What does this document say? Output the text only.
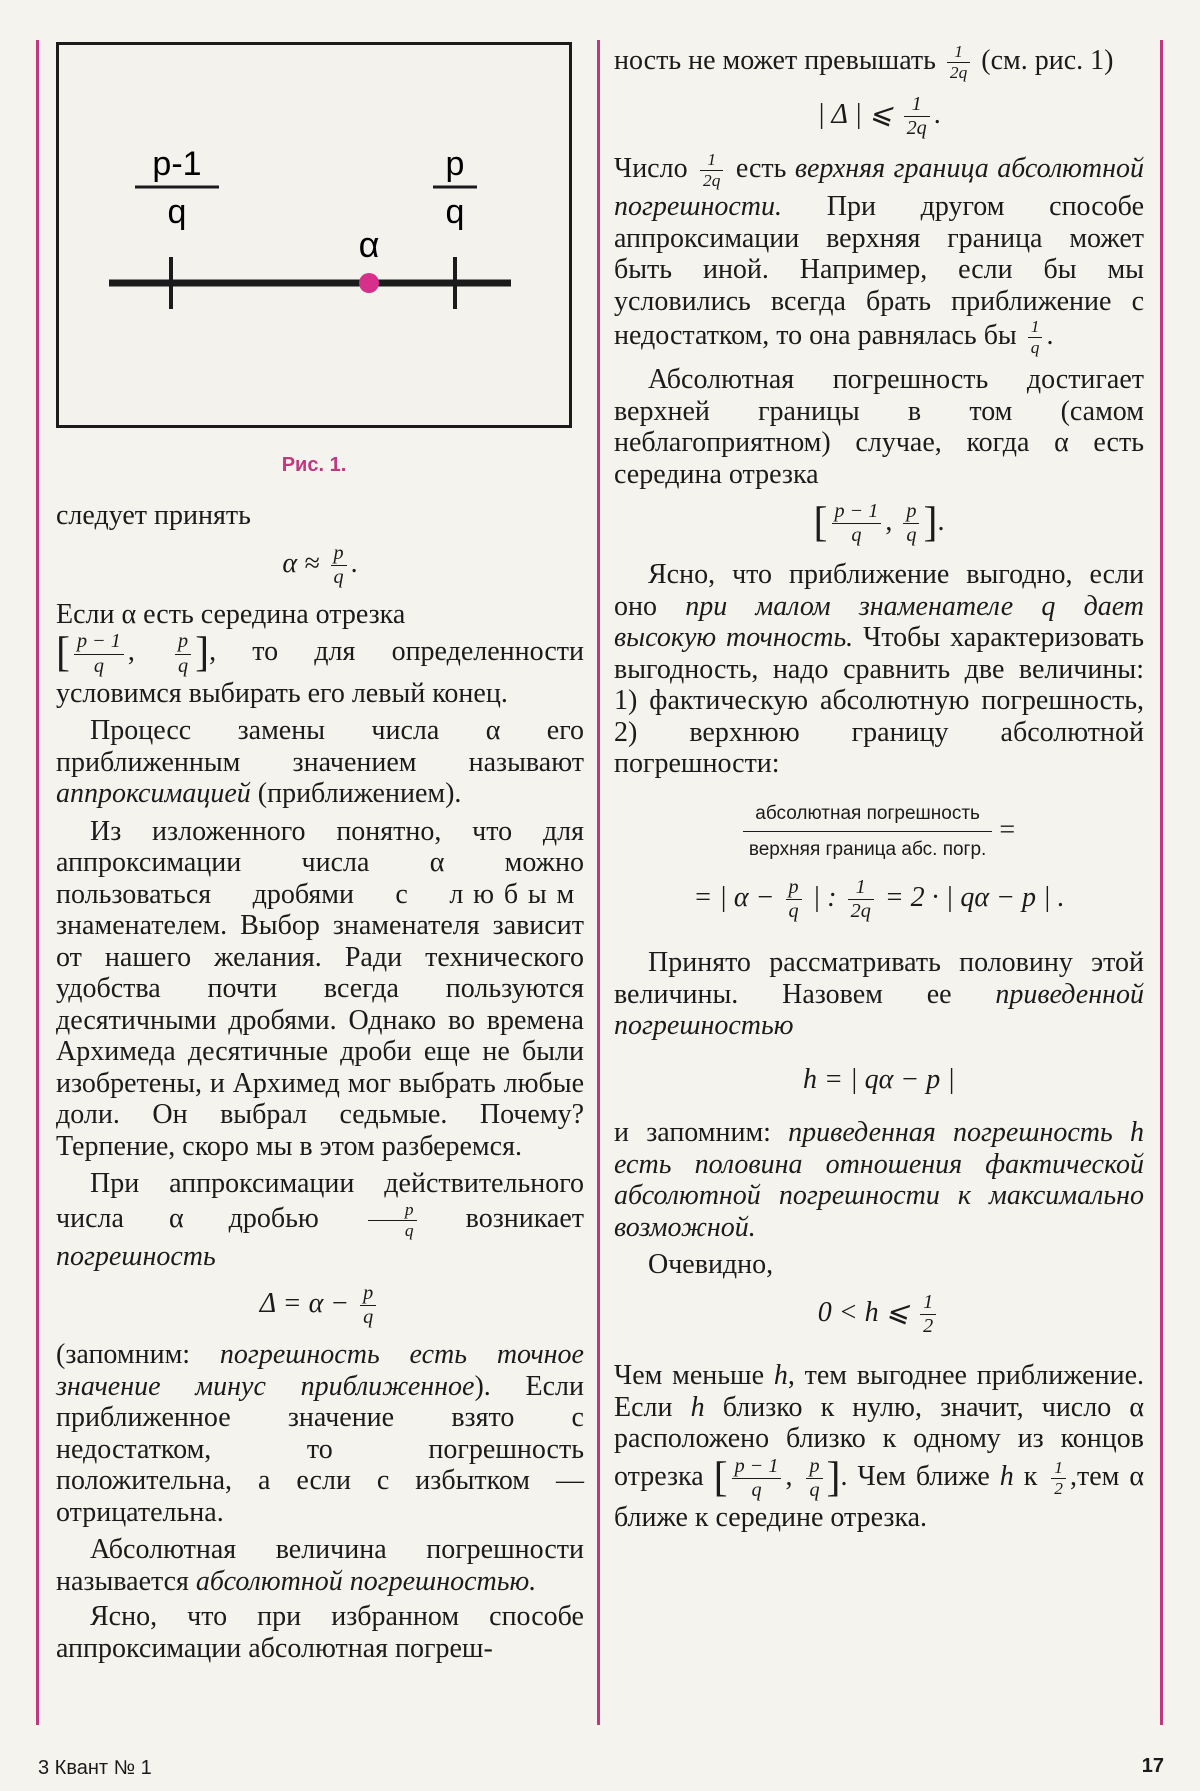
p-1
q
p
q
α
Рис. 1.

следует принять

$\alpha \approx \frac{p}{q}$ .

Если α есть середина отрезка
[ $\frac{p - 1}{q}$ , $\frac{p}{q}$ ], то для определенности условимся выбирать его левый конец.

Процесс замены числа α его приближенным значением называют аппроксимацией (приближением).

Из изложенного понятно, что для аппроксимации числа α можно пользоваться дробями с любым знаменателем. Выбор знаменателя зависит от нашего желания. Ради технического удобства почти всегда пользуются десятичными дробями. Однако во времена Архимеда десятичные дроби еще не были изобретены, и Архимед мог выбрать любые доли. Он выбрал седьмые. Почему? Терпение, скоро мы в этом разберемся.

При аппроксимации действительного числа α дробью	$\frac{p}{q}$ возникает погрешность

$\Delta = \alpha - \frac{p}{q}$

(запомним: погрешность есть точное значение минус приближенное). Если приближенное значение взято с недостатком, то погрешность положительна, а если с избытком — отрицательна.

Абсолютная величина погрешности называется абсолютной погрешностью.

Ясно, что при избранном способе аппроксимации абсолютная погреш-

ность не может превышать $\frac{1}{2q} (см$. рис. 1)

| Δ | ⩽ $\frac{1}{2q}$ .

Число $\frac{1}{2q}$ есть верхняя граница абсолютной погрешности. При другом способе аппроксимации верхняя граница может быть иной. Например, если бы мы условились всегда брать приближение с недостатком, то она равнялась бы $\frac{1}{q}$ .

Абсолютная погрешность достигает верхней границы в том (самом неблагоприятном) случае, когда α есть середина отрезка

[ $\frac{p - 1}{q}$ , $\frac{p}{q}$ ].

Ясно, что приближение выгодно, если оно при малом знаменателе q дает высокую точность. Чтобы характеризовать выгодность, надо сравнить две величины: 1) фактическую абсолютную погрешность, 2) верхнюю границу абсолютной погрешности:

абсолютная погрешность
верхняя граница абс. погр.
=
= | $\alpha - \frac{p}{q}$ | : $\frac{1}{2q} = 2$ · | qα − p | .

Принято рассматривать половину этой величины. Назовем ее приведенной погрешностью

h = | qα − p |

и запомним: приведенная погрешность h есть половина отношения фактической абсолютной погрешности к максимально возможной.

Очевидно,

0 < h ⩽ $\frac{1}{2}$

Чем меньше h, тем выгоднее приближение. Если h близко к нулю, значит, число α расположено близко к одному из концов отрезка [ $\frac{p - 1}{q}$ , $\frac{p}{q}$ ]. Чем ближе h к $\frac{1}{2} ,тем$ α ближе к середине отрезка.

3 Квант № 1	17
